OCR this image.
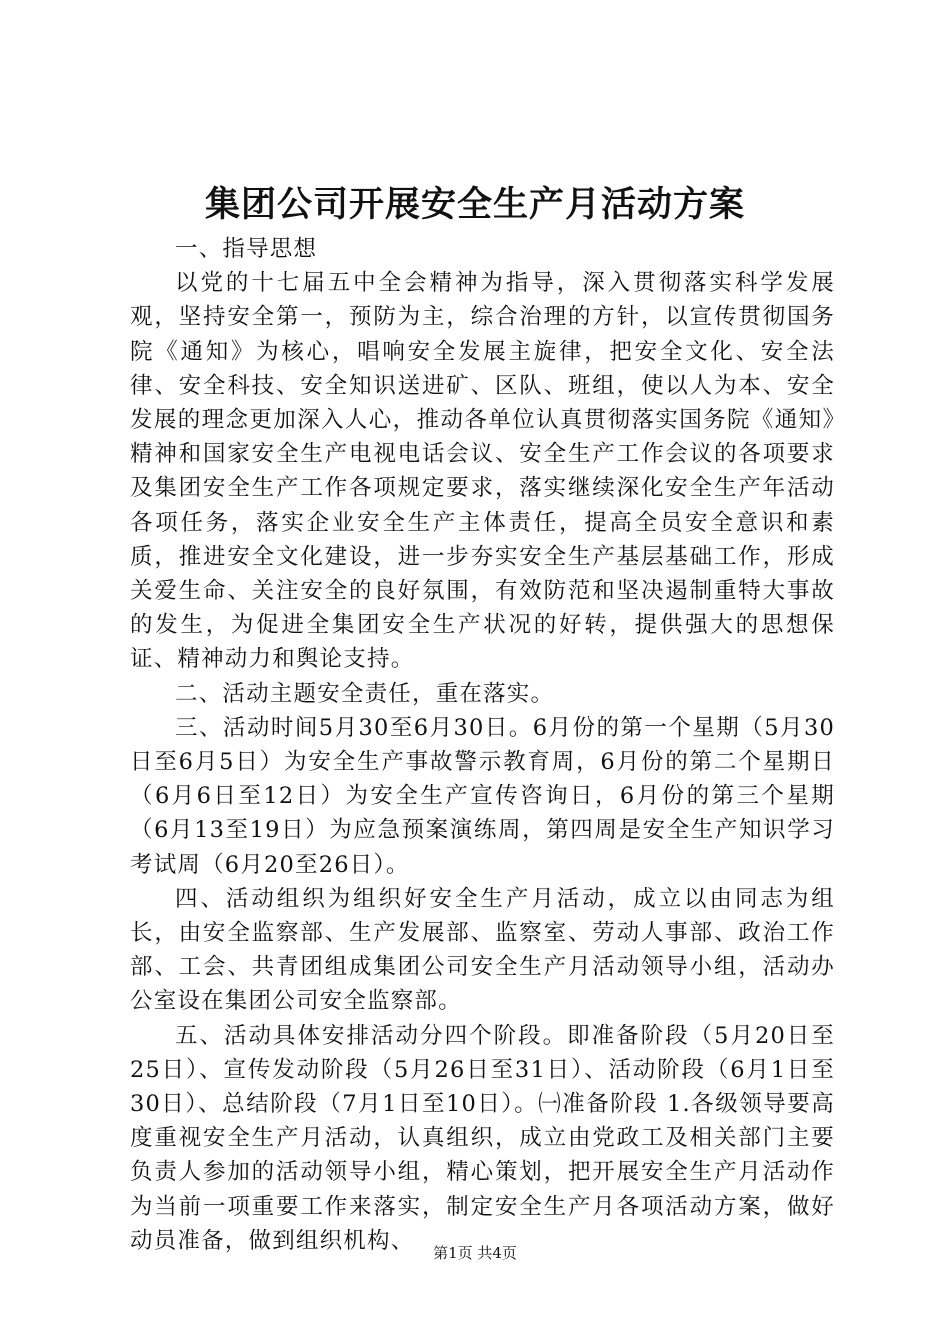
集团公司开展安全生产月活动方案

一、指导思想

以党的十七届五中全会精神为指导，深入贯彻落实科学发展观，坚持安全第一，预防为主，综合治理的方针，以宣传贯彻国务院《通知》为核心，唱响安全发展主旋律，把安全文化、安全法律、安全科技、安全知识送进矿、区队、班组，使以人为本、安全发展的理念更加深入人心，推动各单位认真贯彻落实国务院《通知》精神和国家安全生产电视电话会议、安全生产工作会议的各项要求及集团安全生产工作各项规定要求，落实继续深化安全生产年活动各项任务，落实企业安全生产主体责任，提高全员安全意识和素质，推进安全文化建设，进一步夯实安全生产基层基础工作，形成关爱生命、关注安全的良好氛围，有效防范和坚决遏制重特大事故的发生，为促进全集团安全生产状况的好转，提供强大的思想保证、精神动力和舆论支持。

二、活动主题安全责任，重在落实。

三、活动时间5月30至6月30日。6月份的第一个星期（5月30日至6月5日）为安全生产事故警示教育周，6月份的第二个星期日（6月6日至12日）为安全生产宣传咨询日，6月份的第三个星期（6月13至19日）为应急预案演练周，第四周是安全生产知识学习考试周（6月20至26日）。

四、活动组织为组织好安全生产月活动，成立以由同志为组长，由安全监察部、生产发展部、监察室、劳动人事部、政治工作部、工会、共青团组成集团公司安全生产月活动领导小组，活动办公室设在集团公司安全监察部。

五、活动具体安排活动分四个阶段。即准备阶段（5月20日至25日）、宣传发动阶段（5月26日至31日）、活动阶段（6月1日至30日）、总结阶段（7月1日至10日）。㈠准备阶段 1.各级领导要高度重视安全生产月活动，认真组织，成立由党政工及相关部门主要负责人参加的活动领导小组，精心策划，把开展安全生产月活动作为当前一项重要工作来落实，制定安全生产月各项活动方案，做好动员准备，做到组织机构、	第1页 共4页
